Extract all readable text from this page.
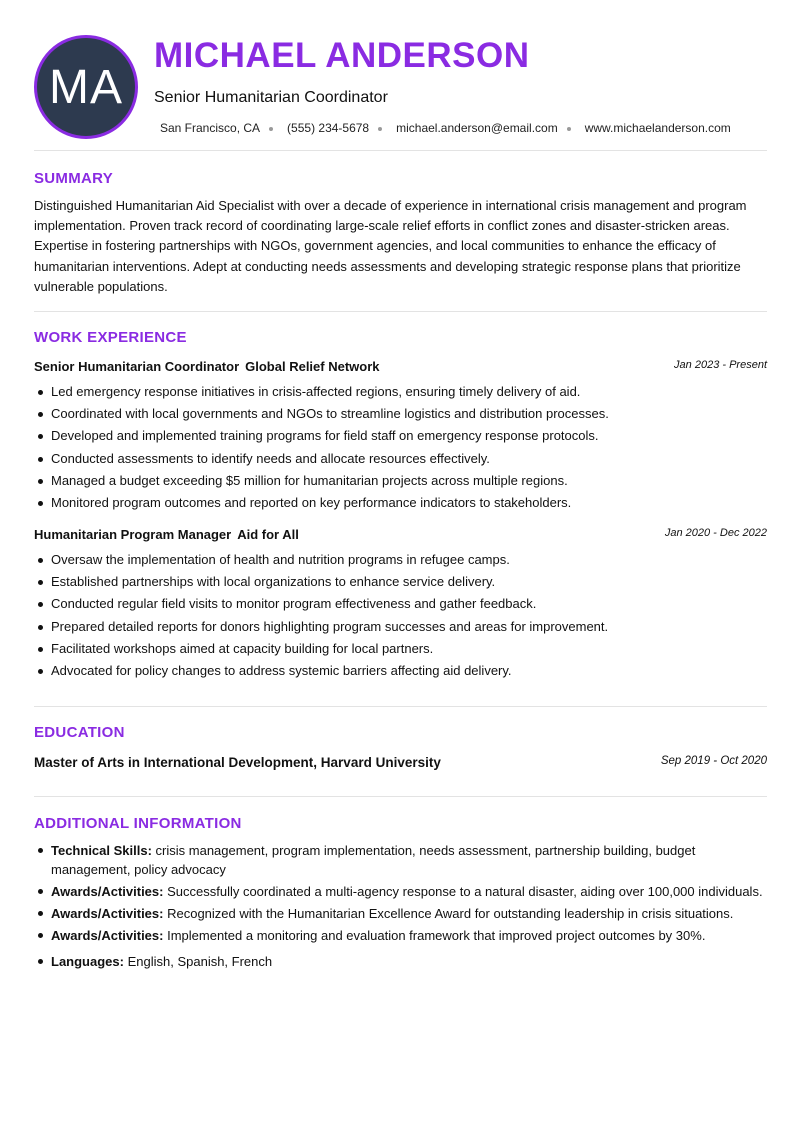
MA
MICHAEL ANDERSON
Senior Humanitarian Coordinator
San Francisco, CA (555) 234-5678 michael.anderson@email.com www.michaelanderson.com
SUMMARY
Distinguished Humanitarian Aid Specialist with over a decade of experience in international crisis management and program implementation. Proven track record of coordinating large-scale relief efforts in conflict zones and disaster-stricken areas. Expertise in fostering partnerships with NGOs, government agencies, and local communities to enhance the efficacy of humanitarian interventions. Adept at conducting needs assessments and developing strategic response plans that prioritize vulnerable populations.
WORK EXPERIENCE
Senior Humanitarian Coordinator Global Relief Network	Jan 2023 - Present
Led emergency response initiatives in crisis-affected regions, ensuring timely delivery of aid.
Coordinated with local governments and NGOs to streamline logistics and distribution processes.
Developed and implemented training programs for field staff on emergency response protocols.
Conducted assessments to identify needs and allocate resources effectively.
Managed a budget exceeding $5 million for humanitarian projects across multiple regions.
Monitored program outcomes and reported on key performance indicators to stakeholders.
Humanitarian Program Manager Aid for All	Jan 2020 - Dec 2022
Oversaw the implementation of health and nutrition programs in refugee camps.
Established partnerships with local organizations to enhance service delivery.
Conducted regular field visits to monitor program effectiveness and gather feedback.
Prepared detailed reports for donors highlighting program successes and areas for improvement.
Facilitated workshops aimed at capacity building for local partners.
Advocated for policy changes to address systemic barriers affecting aid delivery.
EDUCATION
Master of Arts in International Development, Harvard University	Sep 2019 - Oct 2020
ADDITIONAL INFORMATION
Technical Skills: crisis management, program implementation, needs assessment, partnership building, budget management, policy advocacy
Awards/Activities: Successfully coordinated a multi-agency response to a natural disaster, aiding over 100,000 individuals.
Awards/Activities: Recognized with the Humanitarian Excellence Award for outstanding leadership in crisis situations.
Awards/Activities: Implemented a monitoring and evaluation framework that improved project outcomes by 30%.
Languages: English, Spanish, French
